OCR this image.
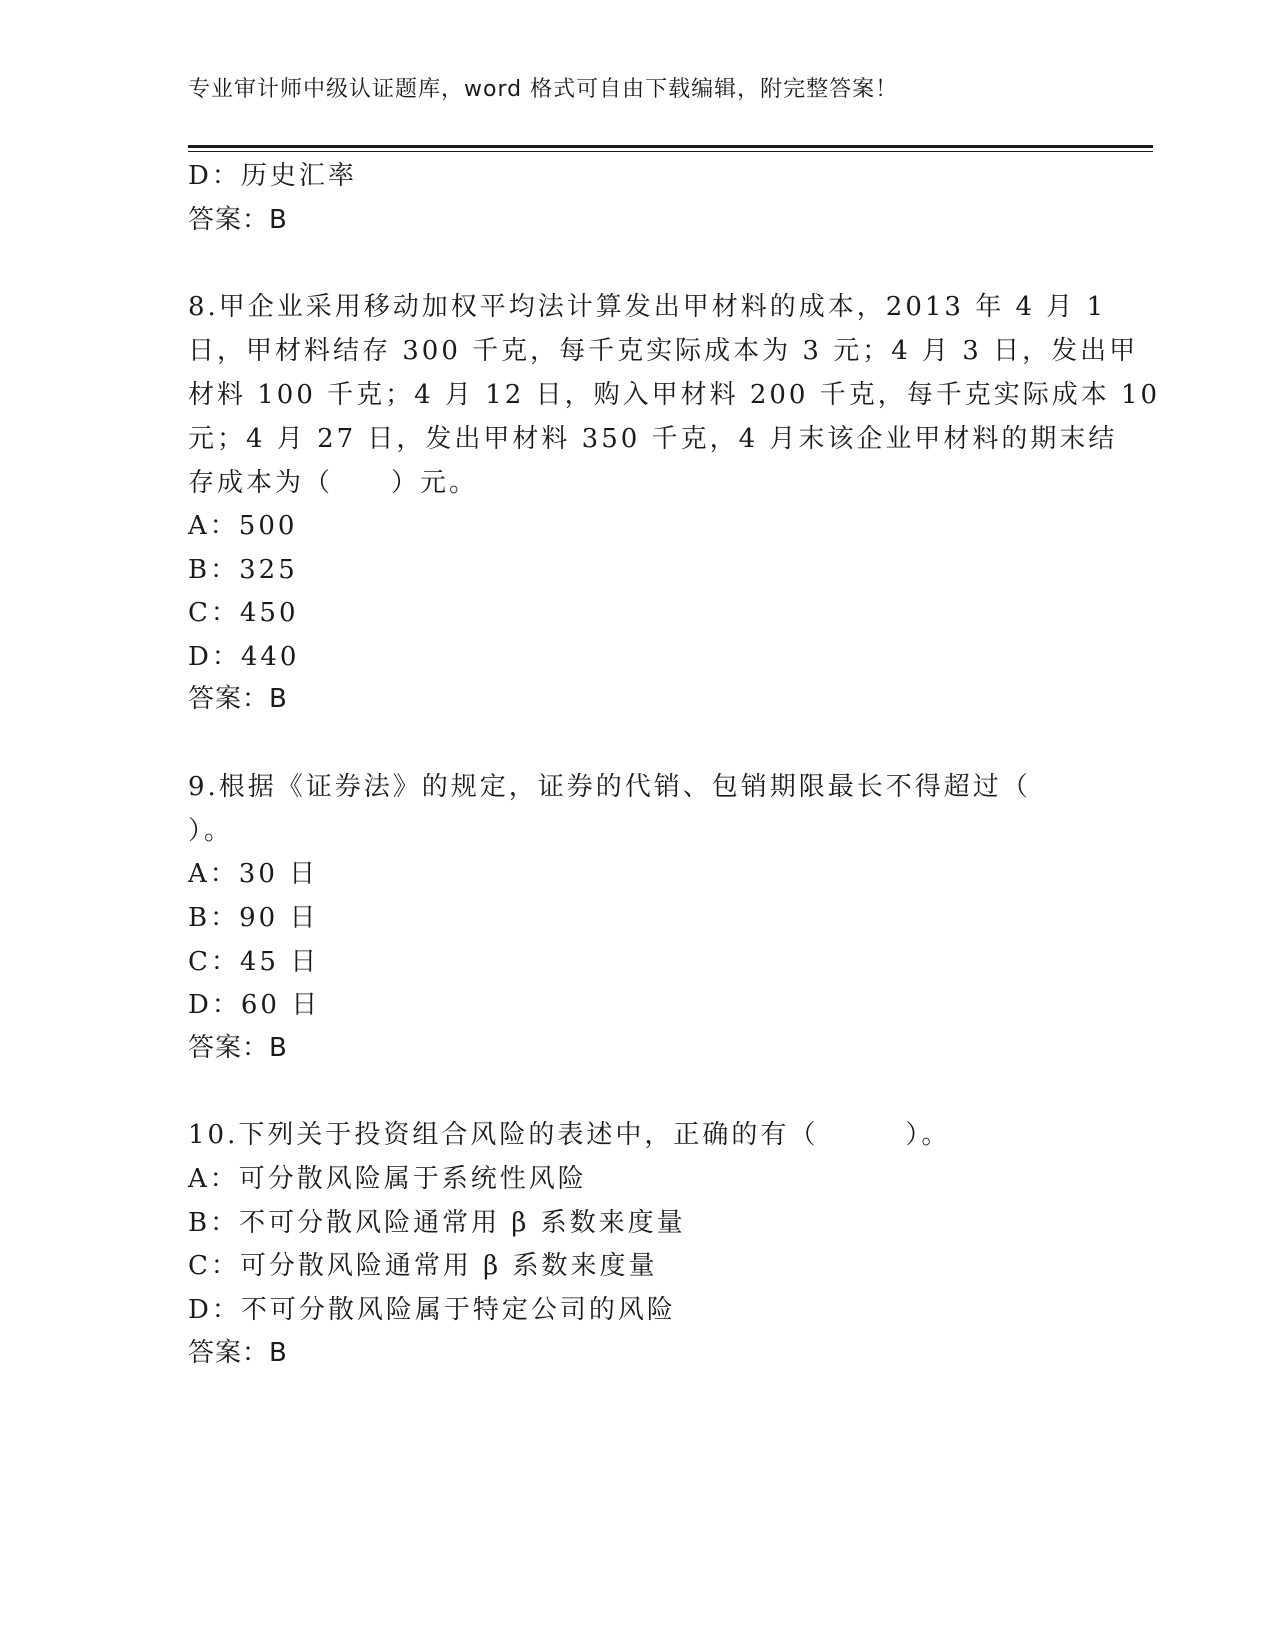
专业审计师中级认证题库，word 格式可自由下载编辑，附完整答案！
D：历史汇率
答案：B
8.甲企业采用移动加权平均法计算发出甲材料的成本，2013 年 4 月 1
日，甲材料结存 300 千克，每千克实际成本为 3 元；4 月 3 日，发出甲
材料 100 千克；4 月 12 日，购入甲材料 200 千克，每千克实际成本 10
元；4 月 27 日，发出甲材料 350 千克，4 月末该企业甲材料的期末结
存成本为（　　）元。
A：500
B：325
C：450
D：440
答案：B
9.根据《证券法》的规定，证券的代销、包销期限最长不得超过（
）。
A：30 日
B：90 日
C：45 日
D：60 日
答案：B
10.下列关于投资组合风险的表述中，正确的有（　　　）。
A：可分散风险属于系统性风险
B：不可分散风险通常用 β 系数来度量
C：可分散风险通常用 β 系数来度量
D：不可分散风险属于特定公司的风险
答案：B
